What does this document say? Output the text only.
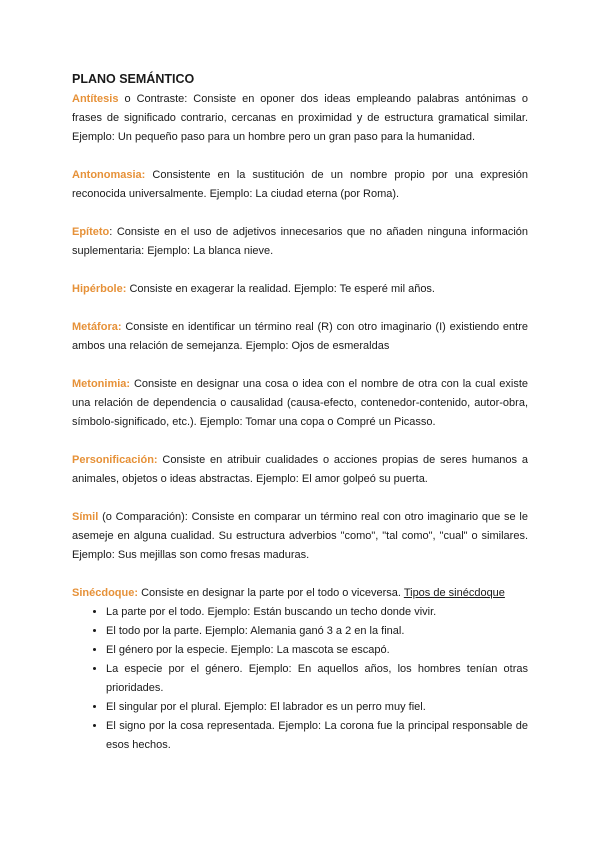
PLANO SEMÁNTICO

Antítesis o Contraste: Consiste en oponer dos ideas empleando palabras antónimas o frases de significado contrario, cercanas en proximidad y de estructura gramatical similar. Ejemplo: Un pequeño paso para un hombre pero un gran paso para la humanidad.

Antonomasia: Consistente en la sustitución de un nombre propio por una expresión reconocida universalmente. Ejemplo: La ciudad eterna (por Roma).

Epíteto: Consiste en el uso de adjetivos innecesarios que no añaden ninguna información suplementaria: Ejemplo: La blanca nieve.

Hipérbole: Consiste en exagerar la realidad. Ejemplo: Te esperé mil años.

Metáfora: Consiste en identificar un término real (R) con otro imaginario (I) existiendo entre ambos una relación de semejanza. Ejemplo: Ojos de esmeraldas

Metonimia: Consiste en designar una cosa o idea con el nombre de otra con la cual existe una relación de dependencia o causalidad (causa-efecto, contenedor-contenido, autor-obra, símbolo-significado, etc.). Ejemplo: Tomar una copa o Compré un Picasso.

Personificación: Consiste en atribuir cualidades o acciones propias de seres humanos a animales, objetos o ideas abstractas. Ejemplo: El amor golpeó su puerta.

Símil (o Comparación): Consiste en comparar un término real con otro imaginario que se le asemeje en alguna cualidad. Su estructura adverbios "como", "tal como", "cual" o similares. Ejemplo: Sus mejillas son como fresas maduras.

Sinécdoque: Consiste en designar la parte por el todo o viceversa. Tipos de sinécdoque

• La parte por el todo. Ejemplo: Están buscando un techo donde vivir.
• El todo por la parte. Ejemplo: Alemania ganó 3 a 2 en la final.
• El género por la especie. Ejemplo: La mascota se escapó.
• La especie por el género. Ejemplo: En aquellos años, los hombres tenían otras prioridades.
• El singular por el plural. Ejemplo: El labrador es un perro muy fiel.
• El signo por la cosa representada. Ejemplo: La corona fue la principal responsable de esos hechos.
